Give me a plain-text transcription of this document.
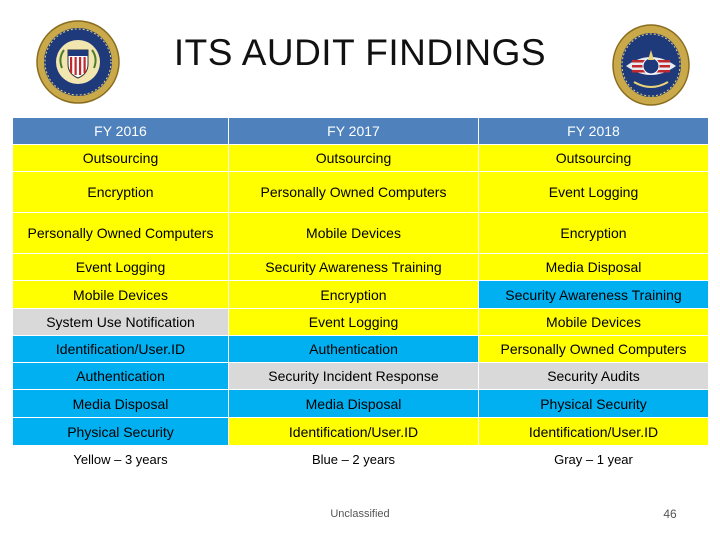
ITS AUDIT FINDINGS
FY 2016	FY 2017	FY 2018
Outsourcing	Outsourcing	Outsourcing
Encryption	Personally Owned Computers	Event Logging
Personally Owned Computers	Mobile Devices	Encryption
Event Logging	Security Awareness Training	Media Disposal
Mobile Devices	Encryption	Security Awareness Training
System Use Notification	Event Logging	Mobile Devices
Identification/User.ID	Authentication	Personally Owned Computers
Authentication	Security Incident Response	Security Audits
Media Disposal	Media Disposal	Physical Security
Physical Security	Identification/User.ID	Identification/User.ID
Yellow – 3 years	Blue – 2 years	Gray – 1 year
Unclassified	46
